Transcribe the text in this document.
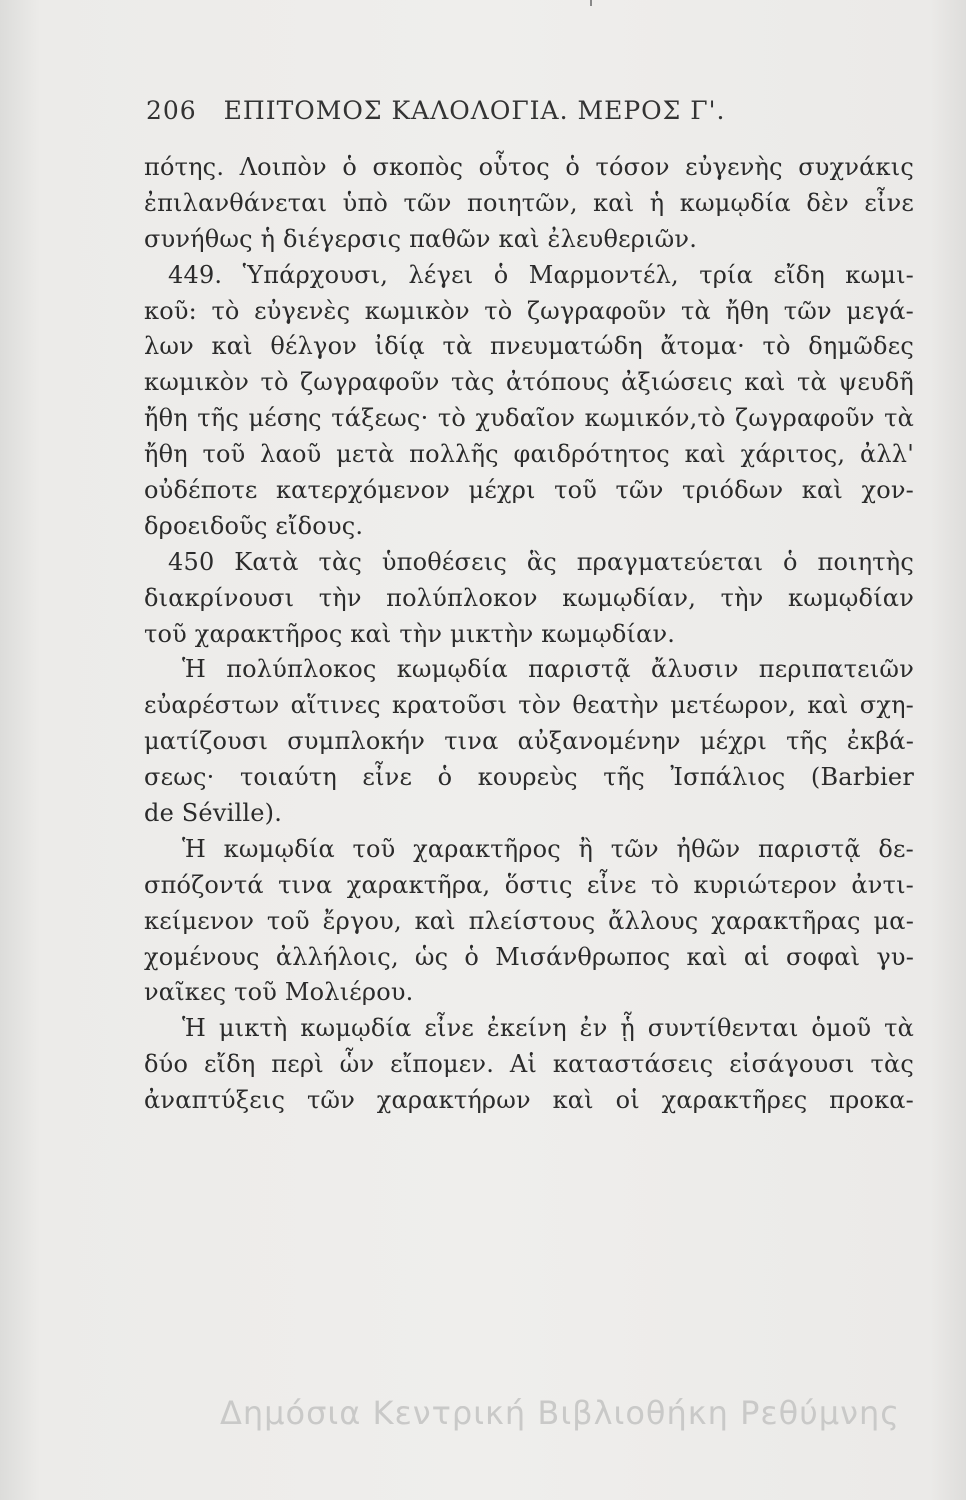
206 ΕΠΙΤΟΜΟΣ ΚΑΛΟΛΟΓΙΑ. ΜΕΡΟΣ Γ'.
πότης. Λοιπὸν ὁ σκοπὸς οὗτος ὁ τόσον εὐγενὴς συχνάκις
ἐπιλανθάνεται ὑπὸ τῶν ποιητῶν, καὶ ἡ κωμῳδία δὲν εἶνε
συνήθως ἡ διέγερσις παθῶν καὶ ἐλευθεριῶν.
449. Ὑπάρχουσι, λέγει ὁ Μαρμοντέλ, τρία εἴδη κωμι-
κοῦ: τὸ εὐγενὲς κωμικὸν τὸ ζωγραφοῦν τὰ ἤθη τῶν μεγά-
λων καὶ θέλγον ἰδίᾳ τὰ πνευματώδη ἄτομα· τὸ δημῶδες
κωμικὸν τὸ ζωγραφοῦν τὰς ἀτόπους ἀξιώσεις καὶ τὰ ψευδῆ
ἤθη τῆς μέσης τάξεως· τὸ χυδαῖον κωμικόν,τὸ ζωγραφοῦν τὰ
ἤθη τοῦ λαοῦ μετὰ πολλῆς φαιδρότητος καὶ χάριτος, ἀλλ'
οὐδέποτε κατερχόμενον μέχρι τοῦ τῶν τριόδων καὶ χον-
δροειδοῦς εἴδους.
450 Κατὰ τὰς ὑποθέσεις ἃς πραγματεύεται ὁ ποιητὴς
διακρίνουσι τὴν πολύπλοκον κωμῳδίαν, τὴν κωμῳδίαν
τοῦ χαρακτῆρος καὶ τὴν μικτὴν κωμῳδίαν.
Ἡ πολύπλοκος κωμῳδία παριστᾷ ἄλυσιν περιπατειῶν
εὐαρέστων αἵτινες κρατοῦσι τὸν θεατὴν μετέωρον, καὶ σχη-
ματίζουσι συμπλοκήν τινα αὐξανομένην μέχρι τῆς ἐκβά-
σεως· τοιαύτη εἶνε ὁ κουρεὺς τῆς Ἰσπάλιος (Barbier
de Séville).
Ἡ κωμῳδία τοῦ χαρακτῆρος ἢ τῶν ἠθῶν παριστᾷ δε-
σπόζοντά τινα χαρακτῆρα, ὅστις εἶνε τὸ κυριώτερον ἀντι-
κείμενον τοῦ ἔργου, καὶ πλείστους ἄλλους χαρακτῆρας μα-
χομένους ἀλλήλοις, ὡς ὁ Μισάνθρωπος καὶ αἱ σοφαὶ γυ-
ναῖκες τοῦ Μολιέρου.
Ἡ μικτὴ κωμῳδία εἶνε ἐκείνη ἐν ᾗ συντίθενται ὁμοῦ τὰ
δύο εἴδη περὶ ὧν εἴπομεν. Αἱ καταστάσεις εἰσάγουσι τὰς
ἀναπτύξεις τῶν χαρακτήρων καὶ οἱ χαρακτῆρες προκα-
Δημόσια Κεντρική Βιβλιοθήκη Ρεθύμνης
